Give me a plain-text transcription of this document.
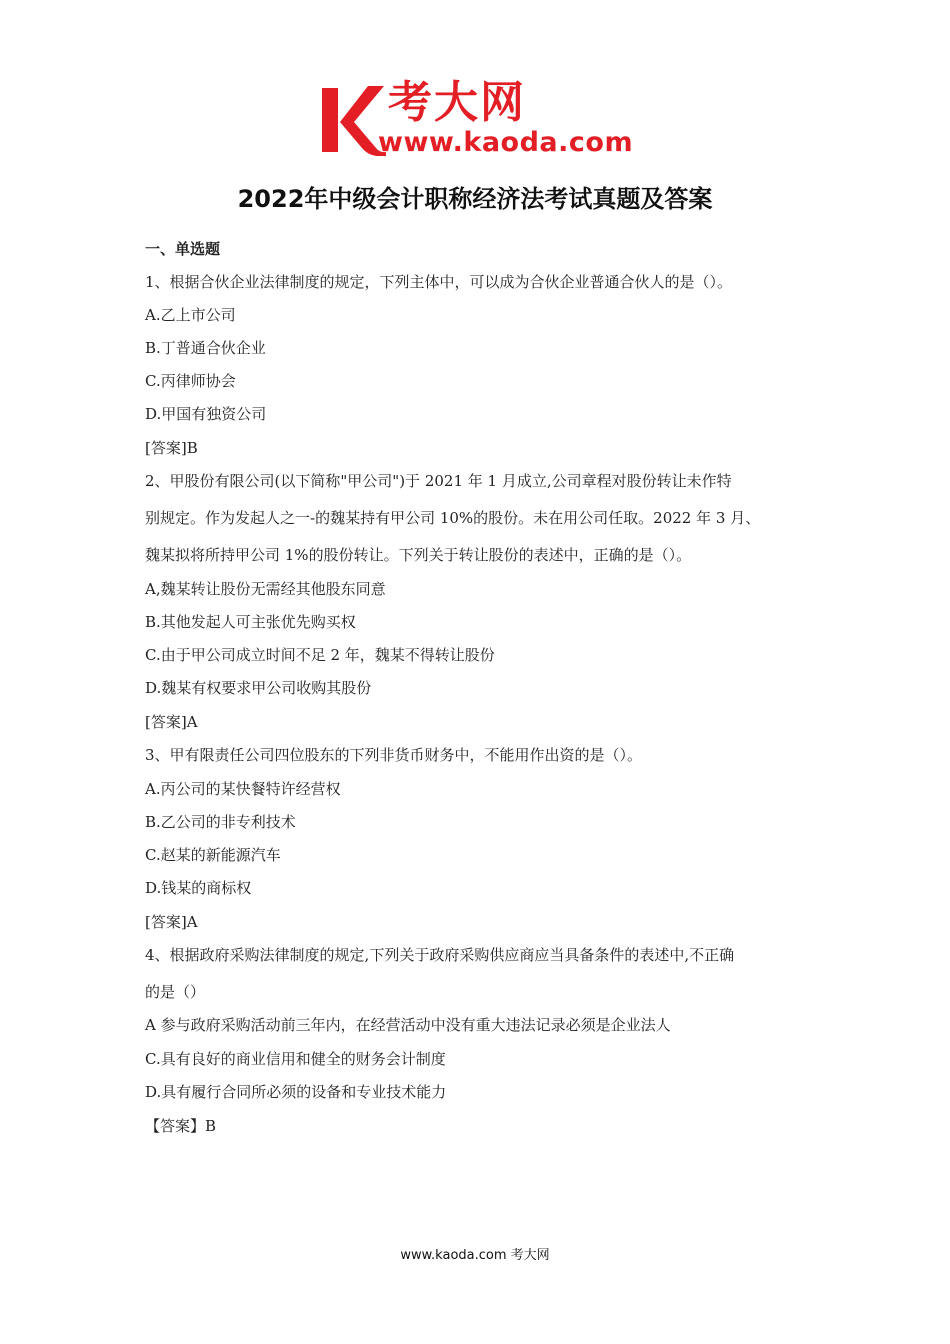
考大网
www.kaoda.com
2022年中级会计职称经济法考试真题及答案
一、单选题
1、根据合伙企业法律制度的规定，下列主体中，可以成为合伙企业普通合伙人的是（）。
A.乙上市公司
B.丁普通合伙企业
C.丙律师协会
D.甲国有独资公司
[答案]B
2、甲股份有限公司(以下简称"甲公司")于 2021 年 1 月成立,公司章程对股份转让未作特
别规定。作为发起人之一-的魏某持有甲公司 10%的股份。未在用公司任取。2022 年 3 月、
魏某拟将所持甲公司 1%的股份转让。下列关于转让股份的表述中，正确的是（）。
A,魏某转让股份无需经其他股东同意
B.其他发起人可主张优先购买权
C.由于甲公司成立时间不足 2 年，魏某不得转让股份
D.魏某有权要求甲公司收购其股份
[答案]A
3、甲有限责任公司四位股东的下列非货币财务中，不能用作出资的是（）。
A.丙公司的某快餐特许经营权
B.乙公司的非专利技术
C.赵某的新能源汽车
D.钱某的商标权
[答案]A
4、根据政府采购法律制度的规定,下列关于政府采购供应商应当具备条件的表述中,不正确
的是（）
A 参与政府采购活动前三年内，在经营活动中没有重大违法记录必须是企业法人
C.具有良好的商业信用和健全的财务会计制度
D.具有履行合同所必须的设备和专业技术能力
【答案】B
www.kaoda.com 考大网
